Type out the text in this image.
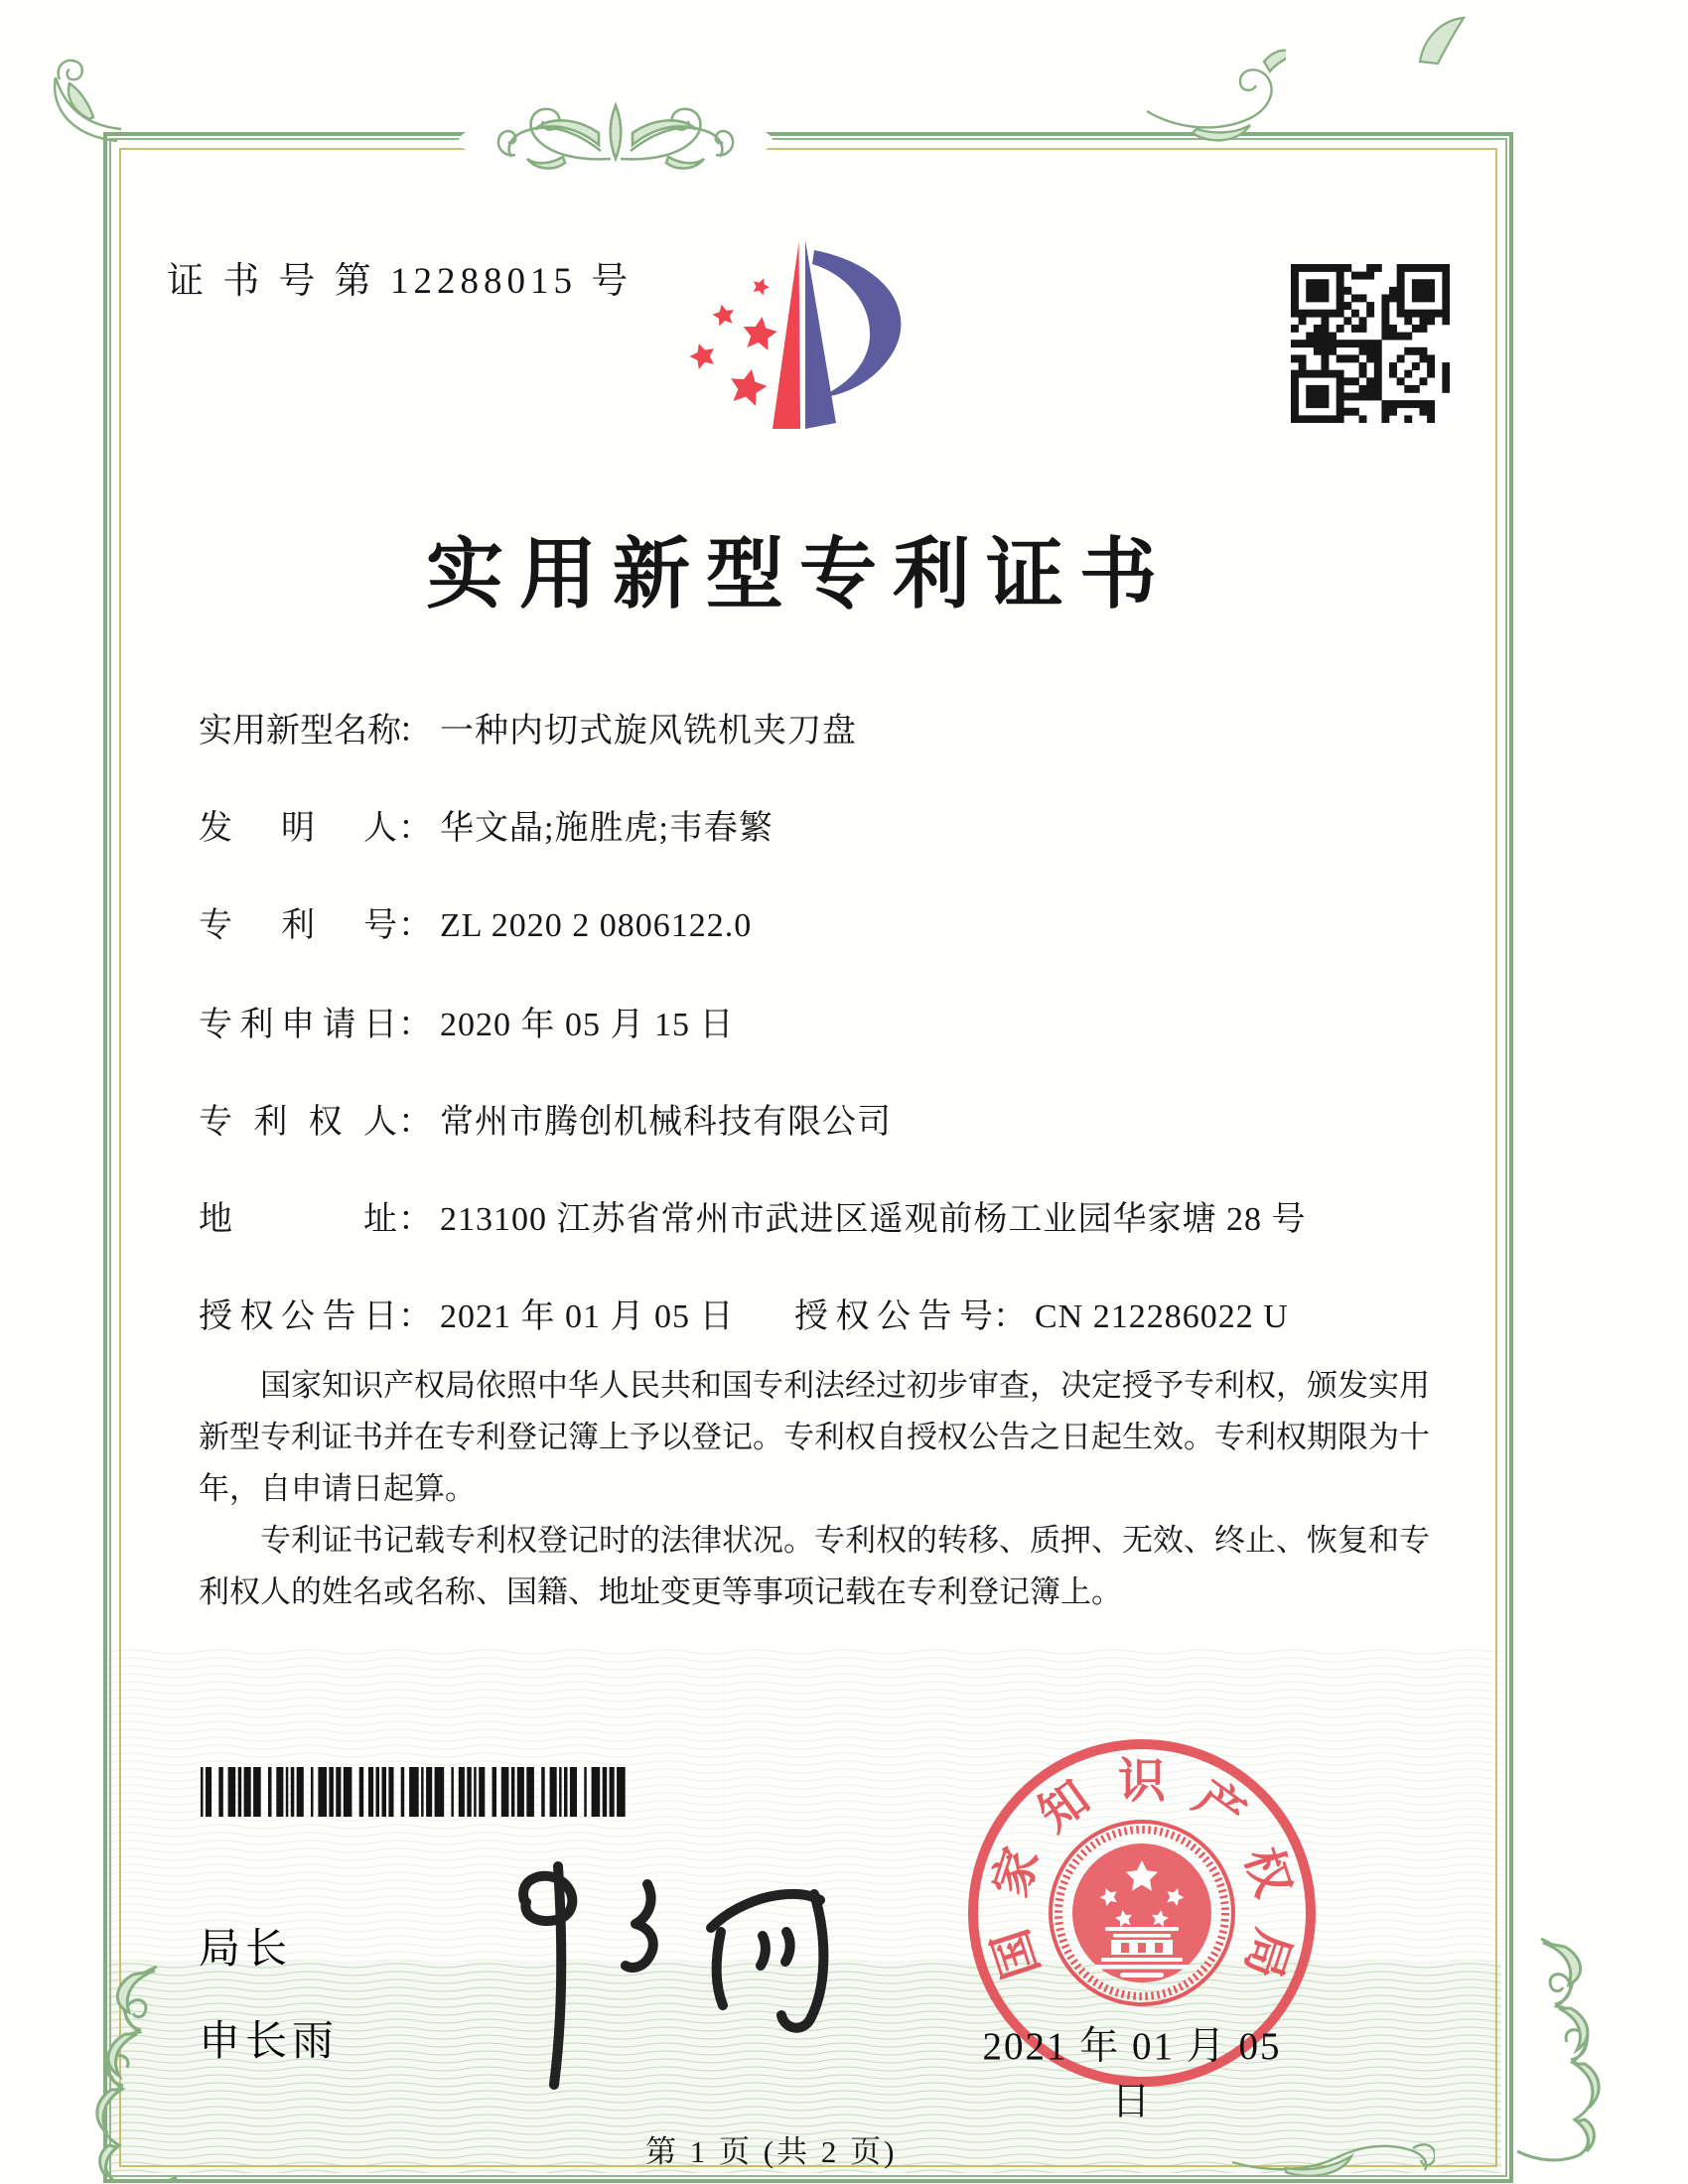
证 书 号 第 12288015 号
实用新型专利证书
实 用 新 型 名 称
： 一种内切式旋风铣机夹刀盘
发 明 人 ： 华文晶;施胜虎;韦春繁
专 利 号 ： ZL 2020 2 0806122.0
专 利 申 请 日 ： 2020 年 05 月 15 日
专 利 权 人 ： 常州市腾创机械科技有限公司
地	址 ： 213100 江苏省常州市武进区遥观前杨工业园华家塘 28 号
授 权 公 告 日 ： 2021 年 01 月 05 日 授 权 公 告 号 ： CN 212286022 U

国家知识产权局依照中华人民共和国专利法经过初步审查，决定授予专利权，颁发实用新型专利证书并在专利登记簿上予以登记。专利权自授权公告之日起生效。专利权期限为十年，自申请日起算。

专利证书记载专利权登记时的法律状况。专利权的转移、质押、无效、终止、恢复和专利权人的姓名或名称、国籍、地址变更等事项记载在专利登记簿上。

局长
申长雨
国
家
知 识 产
权
局
2021 年 01 月 05 日
第 1 页 (共 2 页)
